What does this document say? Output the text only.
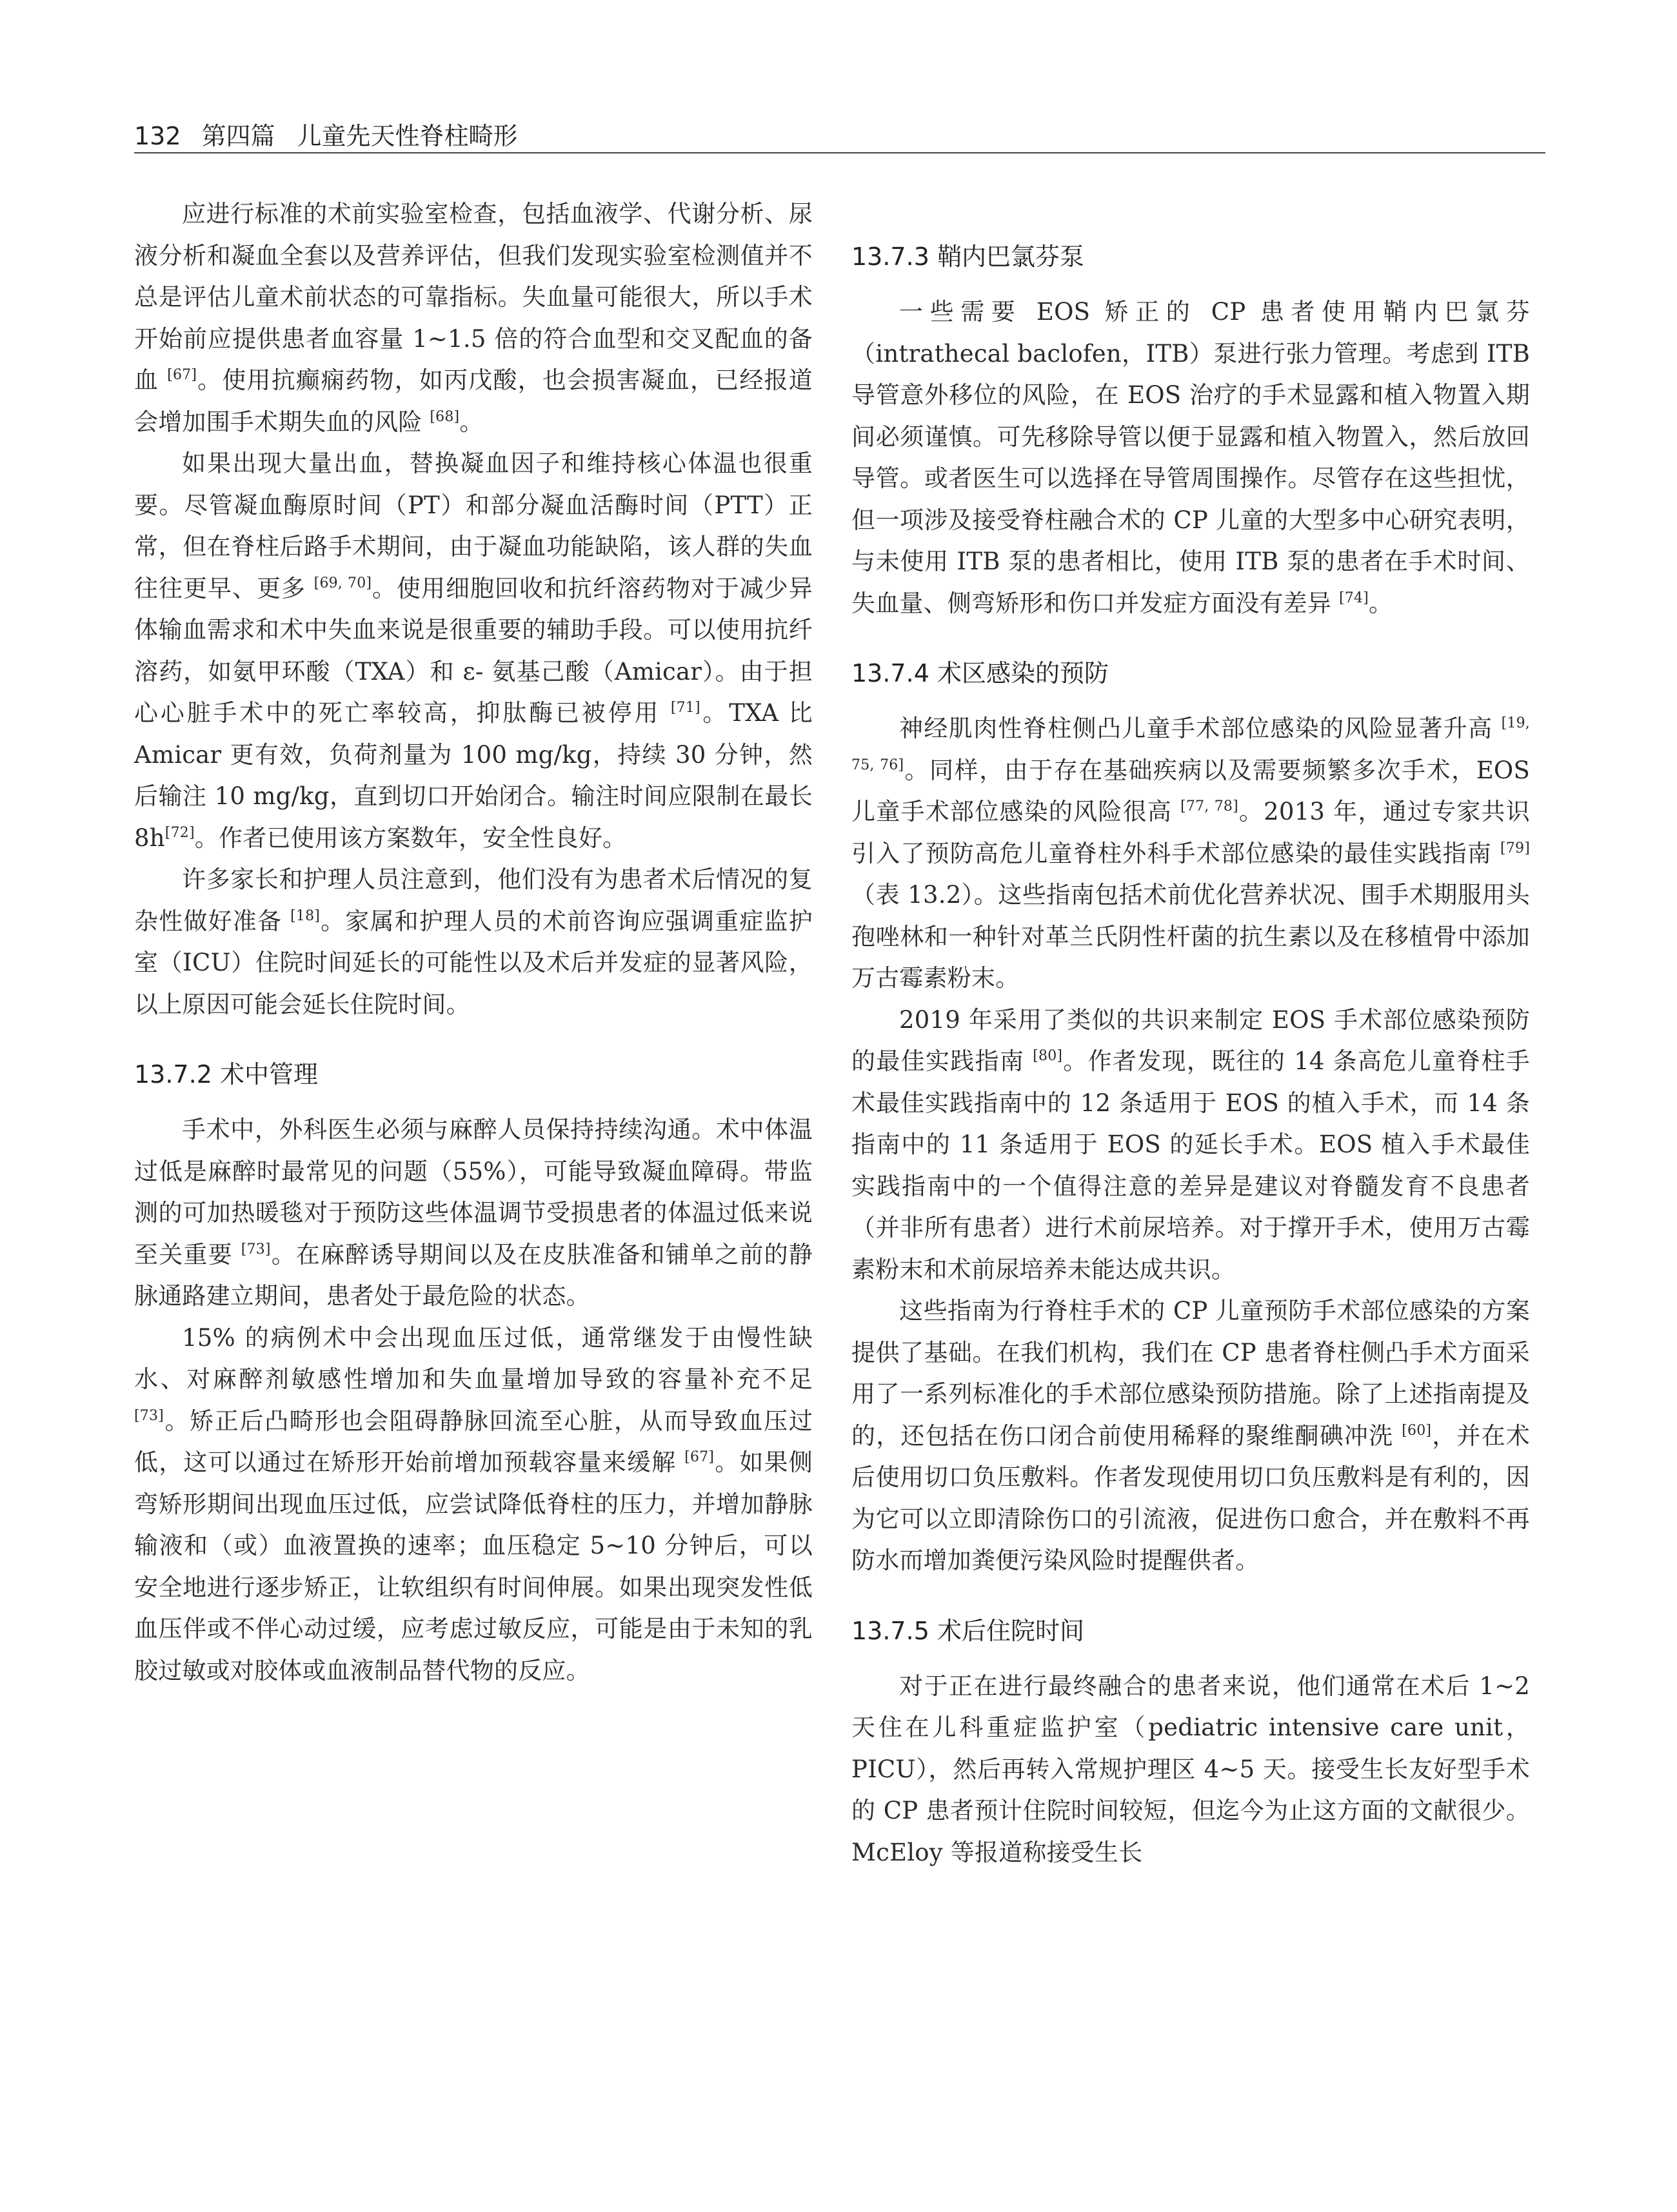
132 第四篇 儿童先天性脊柱畸形

应进行标准的术前实验室检查，包括血液学、代谢分析、尿液分析和凝血全套以及营养评估，但我们发现实验室检测值并不总是评估儿童术前状态的可靠指标。失血量可能很大，所以手术开始前应提供患者血容量 1~1.5 倍的符合血型和交叉配血的备血 [67]。使用抗癫痫药物，如丙戊酸，也会损害凝血，已经报道会增加围手术期失血的风险 [68]。

如果出现大量出血，替换凝血因子和维持核心体温也很重要。尽管凝血酶原时间（PT）和部分凝血活酶时间（PTT）正常，但在脊柱后路手术期间，由于凝血功能缺陷，该人群的失血往往更早、更多 [69, 70]。使用细胞回收和抗纤溶药物对于减少异体输血需求和术中失血来说是很重要的辅助手段。可以使用抗纤溶药，如氨甲环酸（TXA）和 ε- 氨基己酸（Amicar）。由于担心心脏手术中的死亡率较高，抑肽酶已被停用 [71]。TXA 比 Amicar 更有效，负荷剂量为 100 mg/kg，持续 30 分钟，然后输注 10 mg/kg，直到切口开始闭合。输注时间应限制在最长 8h[72]。作者已使用该方案数年，安全性良好。

许多家长和护理人员注意到，他们没有为患者术后情况的复杂性做好准备 [18]。家属和护理人员的术前咨询应强调重症监护室（ICU）住院时间延长的可能性以及术后并发症的显著风险，以上原因可能会延长住院时间。

13.7.2 术中管理

手术中，外科医生必须与麻醉人员保持持续沟通。术中体温过低是麻醉时最常见的问题（55%），可能导致凝血障碍。带监测的可加热暖毯对于预防这些体温调节受损患者的体温过低来说至关重要 [73]。在麻醉诱导期间以及在皮肤准备和铺单之前的静脉通路建立期间，患者处于最危险的状态。

15% 的病例术中会出现血压过低，通常继发于由慢性缺水、对麻醉剂敏感性增加和失血量增加导致的容量补充不足 [73]。矫正后凸畸形也会阻碍静脉回流至心脏，从而导致血压过低，这可以通过在矫形开始前增加预载容量来缓解 [67]。如果侧弯矫形期间出现血压过低，应尝试降低脊柱的压力，并增加静脉输液和（或）血液置换的速率；血压稳定 5~10 分钟后，可以安全地进行逐步矫正，让软组织有时间伸展。如果出现突发性低血压伴或不伴心动过缓，应考虑过敏反应，可能是由于未知的乳胶过敏或对胶体或血液制品替代物的反应。

13.7.3 鞘内巴氯芬泵

一些需要 EOS 矫正的 CP 患者使用鞘内巴氯芬（intrathecal baclofen，ITB）泵进行张力管理。考虑到 ITB 导管意外移位的风险，在 EOS 治疗的手术显露和植入物置入期间必须谨慎。可先移除导管以便于显露和植入物置入，然后放回导管。或者医生可以选择在导管周围操作。尽管存在这些担忧，但一项涉及接受脊柱融合术的 CP 儿童的大型多中心研究表明，与未使用 ITB 泵的患者相比，使用 ITB 泵的患者在手术时间、失血量、侧弯矫形和伤口并发症方面没有差异 [74]。

13.7.4 术区感染的预防

神经肌肉性脊柱侧凸儿童手术部位感染的风险显著升高 [19, 75, 76]。同样，由于存在基础疾病以及需要频繁多次手术，EOS 儿童手术部位感染的风险很高 [77, 78]。2013 年，通过专家共识引入了预防高危儿童脊柱外科手术部位感染的最佳实践指南 [79]（表 13.2）。这些指南包括术前优化营养状况、围手术期服用头孢唑林和一种针对革兰氏阴性杆菌的抗生素以及在移植骨中添加万古霉素粉末。

2019 年采用了类似的共识来制定 EOS 手术部位感染预防的最佳实践指南 [80]。作者发现，既往的 14 条高危儿童脊柱手术最佳实践指南中的 12 条适用于 EOS 的植入手术，而 14 条指南中的 11 条适用于 EOS 的延长手术。EOS 植入手术最佳实践指南中的一个值得注意的差异是建议对脊髓发育不良患者（并非所有患者）进行术前尿培养。对于撑开手术，使用万古霉素粉末和术前尿培养未能达成共识。

这些指南为行脊柱手术的 CP 儿童预防手术部位感染的方案提供了基础。在我们机构，我们在 CP 患者脊柱侧凸手术方面采用了一系列标准化的手术部位感染预防措施。除了上述指南提及的，还包括在伤口闭合前使用稀释的聚维酮碘冲洗 [60]，并在术后使用切口负压敷料。作者发现使用切口负压敷料是有利的，因为它可以立即清除伤口的引流液，促进伤口愈合，并在敷料不再防水而增加粪便污染风险时提醒供者。

13.7.5 术后住院时间

对于正在进行最终融合的患者来说，他们通常在术后 1~2 天住在儿科重症监护室（pediatric intensive care unit，PICU），然后再转入常规护理区 4~5 天。接受生长友好型手术的 CP 患者预计住院时间较短，但迄今为止这方面的文献很少。McEloy 等报道称接受生长
